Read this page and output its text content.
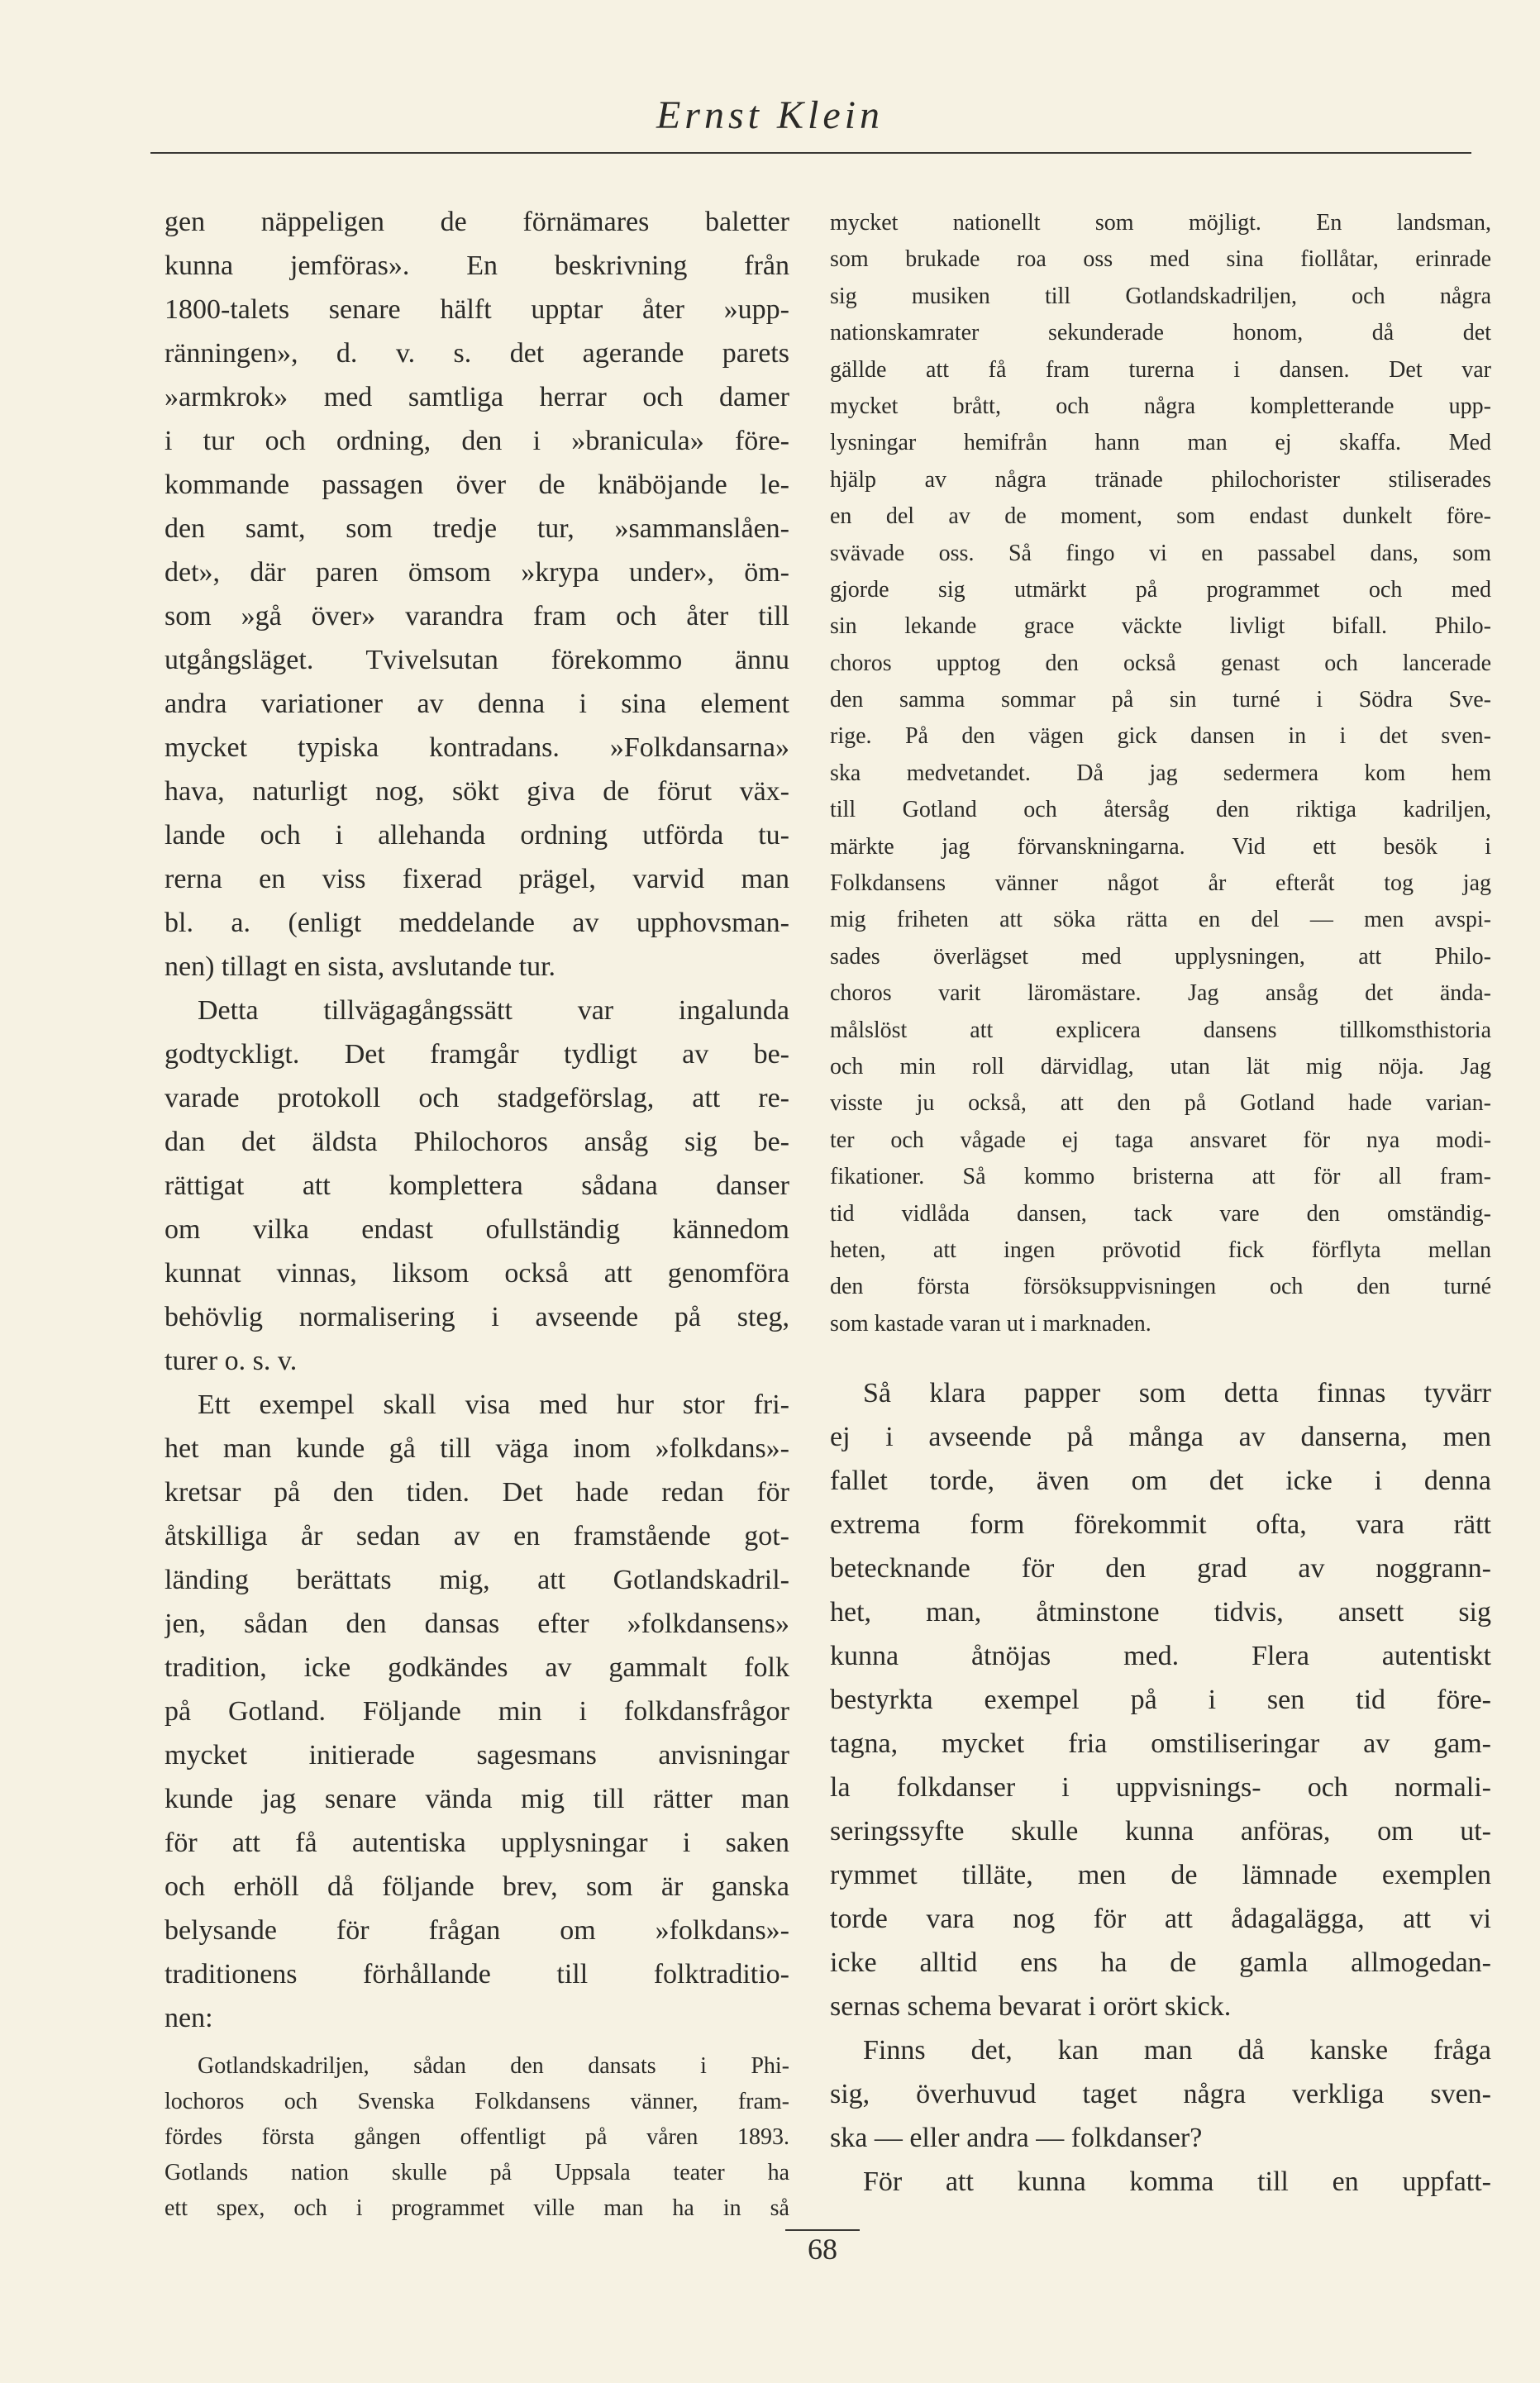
Ernst Klein
gen näppeligen de förnämares baletter
kunna jemföras». En beskrivning från
1800-talets senare hälft upptar åter »upp-
ränningen», d. v. s. det agerande parets
»armkrok» med samtliga herrar och damer
i tur och ordning, den i »branicula» före-
kommande passagen över de knäböjande le-
den samt, som tredje tur, »sammanslåen-
det», där paren ömsom »krypa under», öm-
som »gå över» varandra fram och åter till
utgångsläget. Tvivelsutan förekommo ännu
andra variationer av denna i sina element
mycket typiska kontradans. »Folkdansarna»
hava, naturligt nog, sökt giva de förut väx-
lande och i allehanda ordning utförda tu-
rerna en viss fixerad prägel, varvid man
bl. a. (enligt meddelande av upphovsman-
nen) tillagt en sista, avslutande tur.
Detta tillvägagångssätt var ingalunda
godtyckligt. Det framgår tydligt av be-
varade protokoll och stadgeförslag, att re-
dan det äldsta Philochoros ansåg sig be-
rättigat att komplettera sådana danser
om vilka endast ofullständig kännedom
kunnat vinnas, liksom också att genomföra
behövlig normalisering i avseende på steg,
turer o. s. v.
Ett exempel skall visa med hur stor fri-
het man kunde gå till väga inom »folkdans»-
kretsar på den tiden. Det hade redan för
åtskilliga år sedan av en framstående got-
länding berättats mig, att Gotlandskadril-
jen, sådan den dansas efter »folkdansens»
tradition, icke godkändes av gammalt folk
på Gotland. Följande min i folkdansfrågor
mycket initierade sagesmans anvisningar
kunde jag senare vända mig till rätter man
för att få autentiska upplysningar i saken
och erhöll då följande brev, som är ganska
belysande för frågan om »folkdans»-
traditionens förhållande till folktraditio-
nen:
Gotlandskadriljen, sådan den dansats i Phi-
lochoros och Svenska Folkdansens vänner, fram-
fördes första gången offentligt på våren 1893.
Gotlands nation skulle på Uppsala teater ha
ett spex, och i programmet ville man ha in så
mycket nationellt som möjligt. En landsman,
som brukade roa oss med sina fiollåtar, erinrade
sig musiken till Gotlandskadriljen, och några
nationskamrater sekunderade honom, då det
gällde att få fram turerna i dansen. Det var
mycket brått, och några kompletterande upp-
lysningar hemifrån hann man ej skaffa. Med
hjälp av några tränade philochorister stiliserades
en del av de moment, som endast dunkelt före-
svävade oss. Så fingo vi en passabel dans, som
gjorde sig utmärkt på programmet och med
sin lekande grace väckte livligt bifall. Philo-
choros upptog den också genast och lancerade
den samma sommar på sin turné i Södra Sve-
rige. På den vägen gick dansen in i det sven-
ska medvetandet. Då jag sedermera kom hem
till Gotland och återsåg den riktiga kadriljen,
märkte jag förvanskningarna. Vid ett besök i
Folkdansens vänner något år efteråt tog jag
mig friheten att söka rätta en del — men avspi-
sades överlägset med upplysningen, att Philo-
choros varit läromästare. Jag ansåg det ända-
målslöst att explicera dansens tillkomsthistoria
och min roll därvidlag, utan lät mig nöja. Jag
visste ju också, att den på Gotland hade varian-
ter och vågade ej taga ansvaret för nya modi-
fikationer. Så kommo bristerna att för all fram-
tid vidlåda dansen, tack vare den omständig-
heten, att ingen prövotid fick förflyta mellan
den första försöksuppvisningen och den turné
som kastade varan ut i marknaden.
Så klara papper som detta finnas tyvärr
ej i avseende på många av danserna, men
fallet torde, även om det icke i denna
extrema form förekommit ofta, vara rätt
betecknande för den grad av noggrann-
het, man, åtminstone tidvis, ansett sig
kunna åtnöjas med. Flera autentiskt
bestyrkta exempel på i sen tid före-
tagna, mycket fria omstiliseringar av gam-
la folkdanser i uppvisnings- och normali-
seringssyfte skulle kunna anföras, om ut-
rymmet tilläte, men de lämnade exemplen
torde vara nog för att ådagalägga, att vi
icke alltid ens ha de gamla allmogedan-
sernas schema bevarat i orört skick.
Finns det, kan man då kanske fråga
sig, överhuvud taget några verkliga sven-
ska — eller andra — folkdanser?
För att kunna komma till en uppfatt-
68
